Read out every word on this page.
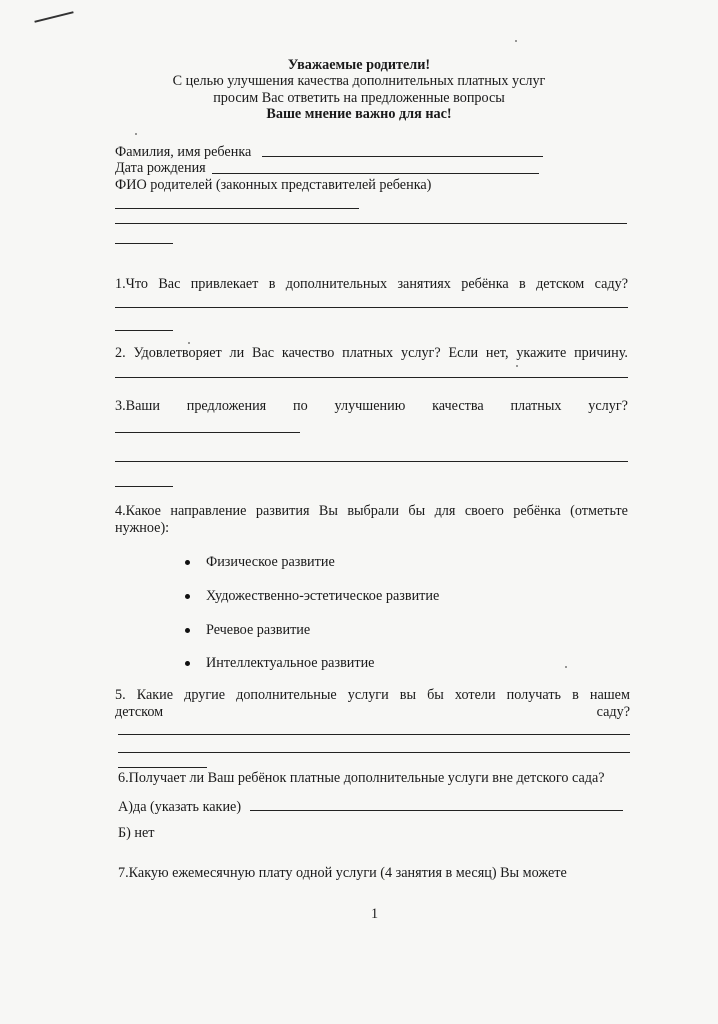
Уважаемые родители!
С целью улучшения качества дополнительных платных услуг
просим Вас ответить на предложенные вопросы
Ваше мнение важно для нас!
Фамилия, имя ребенка
Дата рождения
ФИО родителей (законных представителей ребенка)
1.Что Вас привлекает в дополнительных занятиях ребёнка в детском саду?
2. Удовлетворяет ли Вас качество платных услуг? Если нет, укажите причину.
3.Ваши предложения по улучшению качества платных услуг?
4.Какое направление развития Вы выбрали бы для своего ребёнка (отметьте
нужное):
Физическое развитие
Художественно-эстетическое развитие
Речевое развитие
Интеллектуальное развитие
5. Какие другие дополнительные услуги вы бы хотели получать в нашем
детском	саду?
6.Получает ли Ваш ребёнок платные дополнительные услуги вне детского сада?
А)да (указать какие)
Б) нет
7.Какую ежемесячную плату одной услуги (4 занятия в месяц) Вы можете
1
